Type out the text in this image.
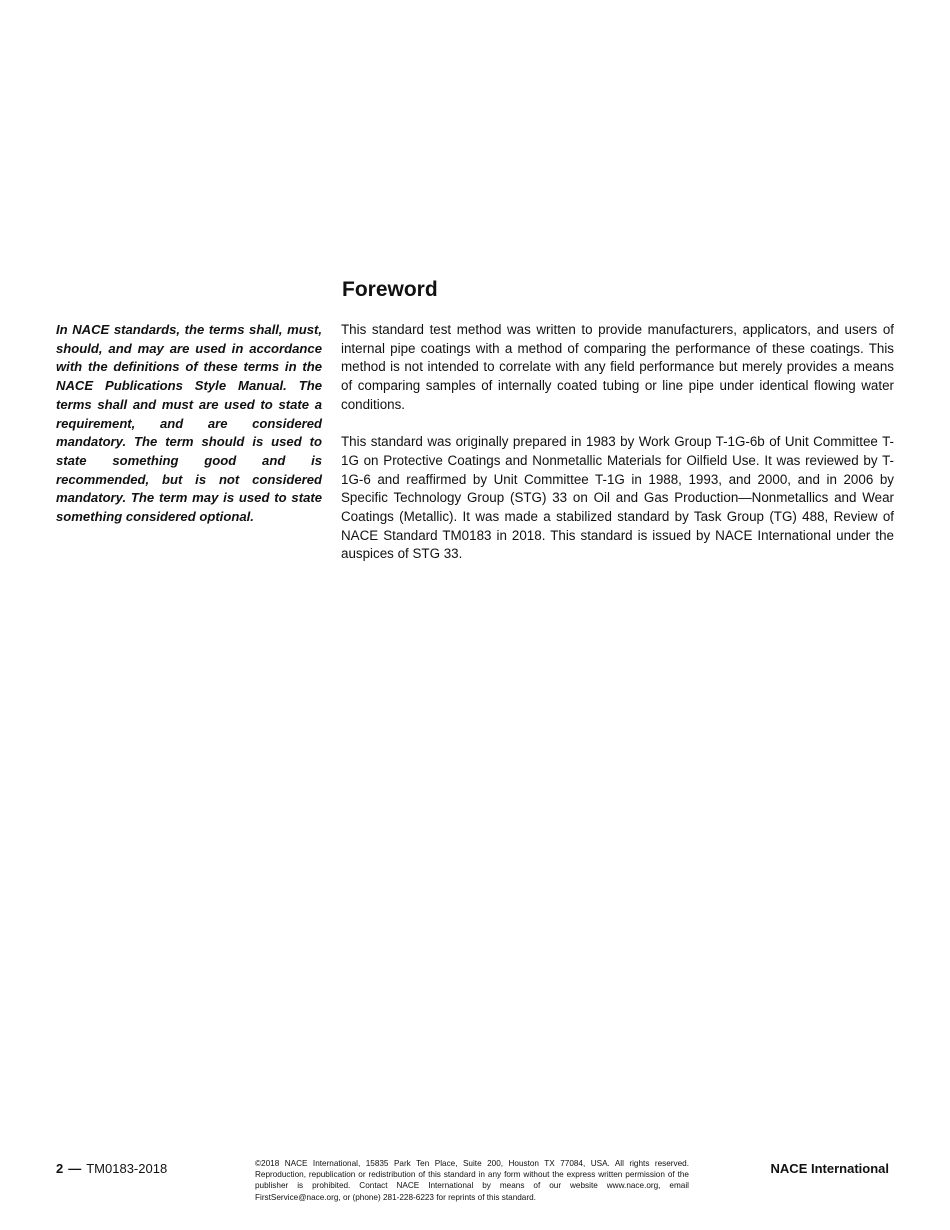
Foreword

In NACE standards, the terms shall, must, should, and may are used in accordance with the definitions of these terms in the NACE Publications Style Manual. The terms shall and must are used to state a requirement, and are considered mandatory. The term should is used to state something good and is recommended, but is not considered mandatory. The term may is used to state something considered optional.

This standard test method was written to provide manufacturers, applicators, and users of internal pipe coatings with a method of comparing the performance of these coatings. This method is not intended to correlate with any field performance but merely provides a means of comparing samples of internally coated tubing or line pipe under identical flowing water conditions.

This standard was originally prepared in 1983 by Work Group T-1G-6b of Unit Committee T-1G on Protective Coatings and Nonmetallic Materials for Oilfield Use. It was reviewed by T-1G-6 and reaffirmed by Unit Committee T-1G in 1988, 1993, and 2000, and in 2006 by Specific Technology Group (STG) 33 on Oil and Gas Production—Nonmetallics and Wear Coatings (Metallic). It was made a stabilized standard by Task Group (TG) 488, Review of NACE Standard TM0183 in 2018. This standard is issued by NACE International under the auspices of STG 33.

2 — TM0183-2018	©2018 NACE International, 15835 Park Ten Place, Suite 200, Houston TX 77084, USA. All rights reserved. Reproduction, republication or redistribution of this standard in any form without the express written permission of the publisher is prohibited. Contact NACE International by means of our website www.nace.org, email FirstService@nace.org, or (phone) 281-228-6223 for reprints of this standard.

NACE International
